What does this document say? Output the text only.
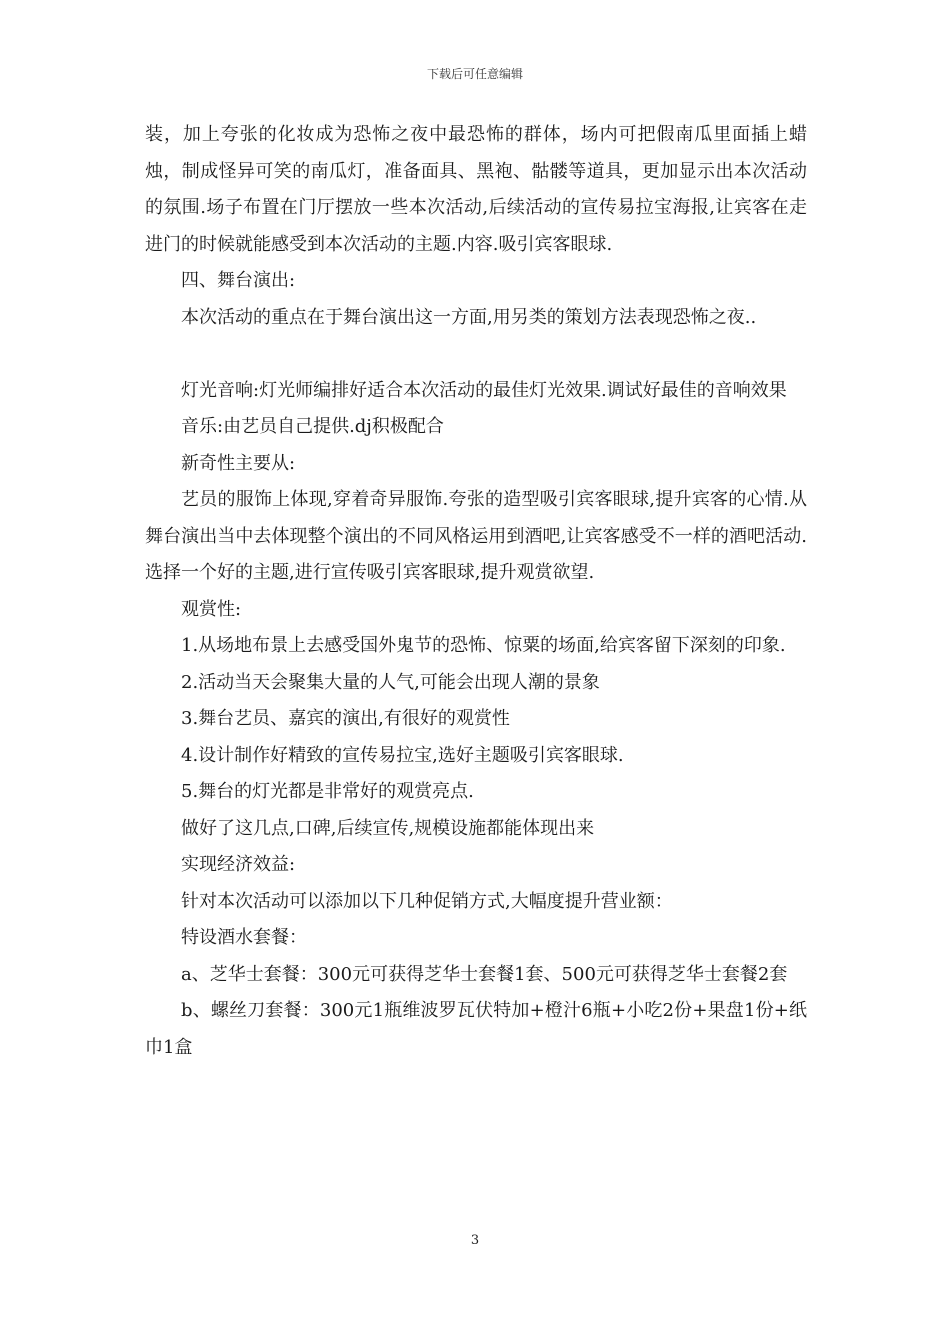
下载后可任意编辑

装，加上夸张的化妆成为恐怖之夜中最恐怖的群体，场内可把假南瓜里面插上蜡烛，制成怪异可笑的南瓜灯，准备面具、黑袍、骷髅等道具，更加显示出本次活动的氛围.场子布置在门厅摆放一些本次活动,后续活动的宣传易拉宝海报,让宾客在走进门的时候就能感受到本次活动的主题.内容.吸引宾客眼球.

四、舞台演出:

本次活动的重点在于舞台演出这一方面,用另类的策划方法表现恐怖之夜..

灯光音响:灯光师编排好适合本次活动的最佳灯光效果.调试好最佳的音响效果

音乐:由艺员自己提供.dj积极配合

新奇性主要从:

艺员的服饰上体现,穿着奇异服饰.夸张的造型吸引宾客眼球,提升宾客的心情.从舞台演出当中去体现整个演出的不同风格运用到酒吧,让宾客感受不一样的酒吧活动.选择一个好的主题,进行宣传吸引宾客眼球,提升观赏欲望.

观赏性:

1.从场地布景上去感受国外鬼节的恐怖、惊粟的场面,给宾客留下深刻的印象.

2.活动当天会聚集大量的人气,可能会出现人潮的景象

3.舞台艺员、嘉宾的演出,有很好的观赏性

4.设计制作好精致的宣传易拉宝,选好主题吸引宾客眼球.

5.舞台的灯光都是非常好的观赏亮点.

做好了这几点,口碑,后续宣传,规模设施都能体现出来

实现经济效益:

针对本次活动可以添加以下几种促销方式,大幅度提升营业额：

特设酒水套餐：

a、芝华士套餐：300元可获得芝华士套餐1套、500元可获得芝华士套餐2套

b、螺丝刀套餐：300元1瓶维波罗瓦伏特加+橙汁6瓶+小吃2份+果盘1份+纸巾1盒

3
